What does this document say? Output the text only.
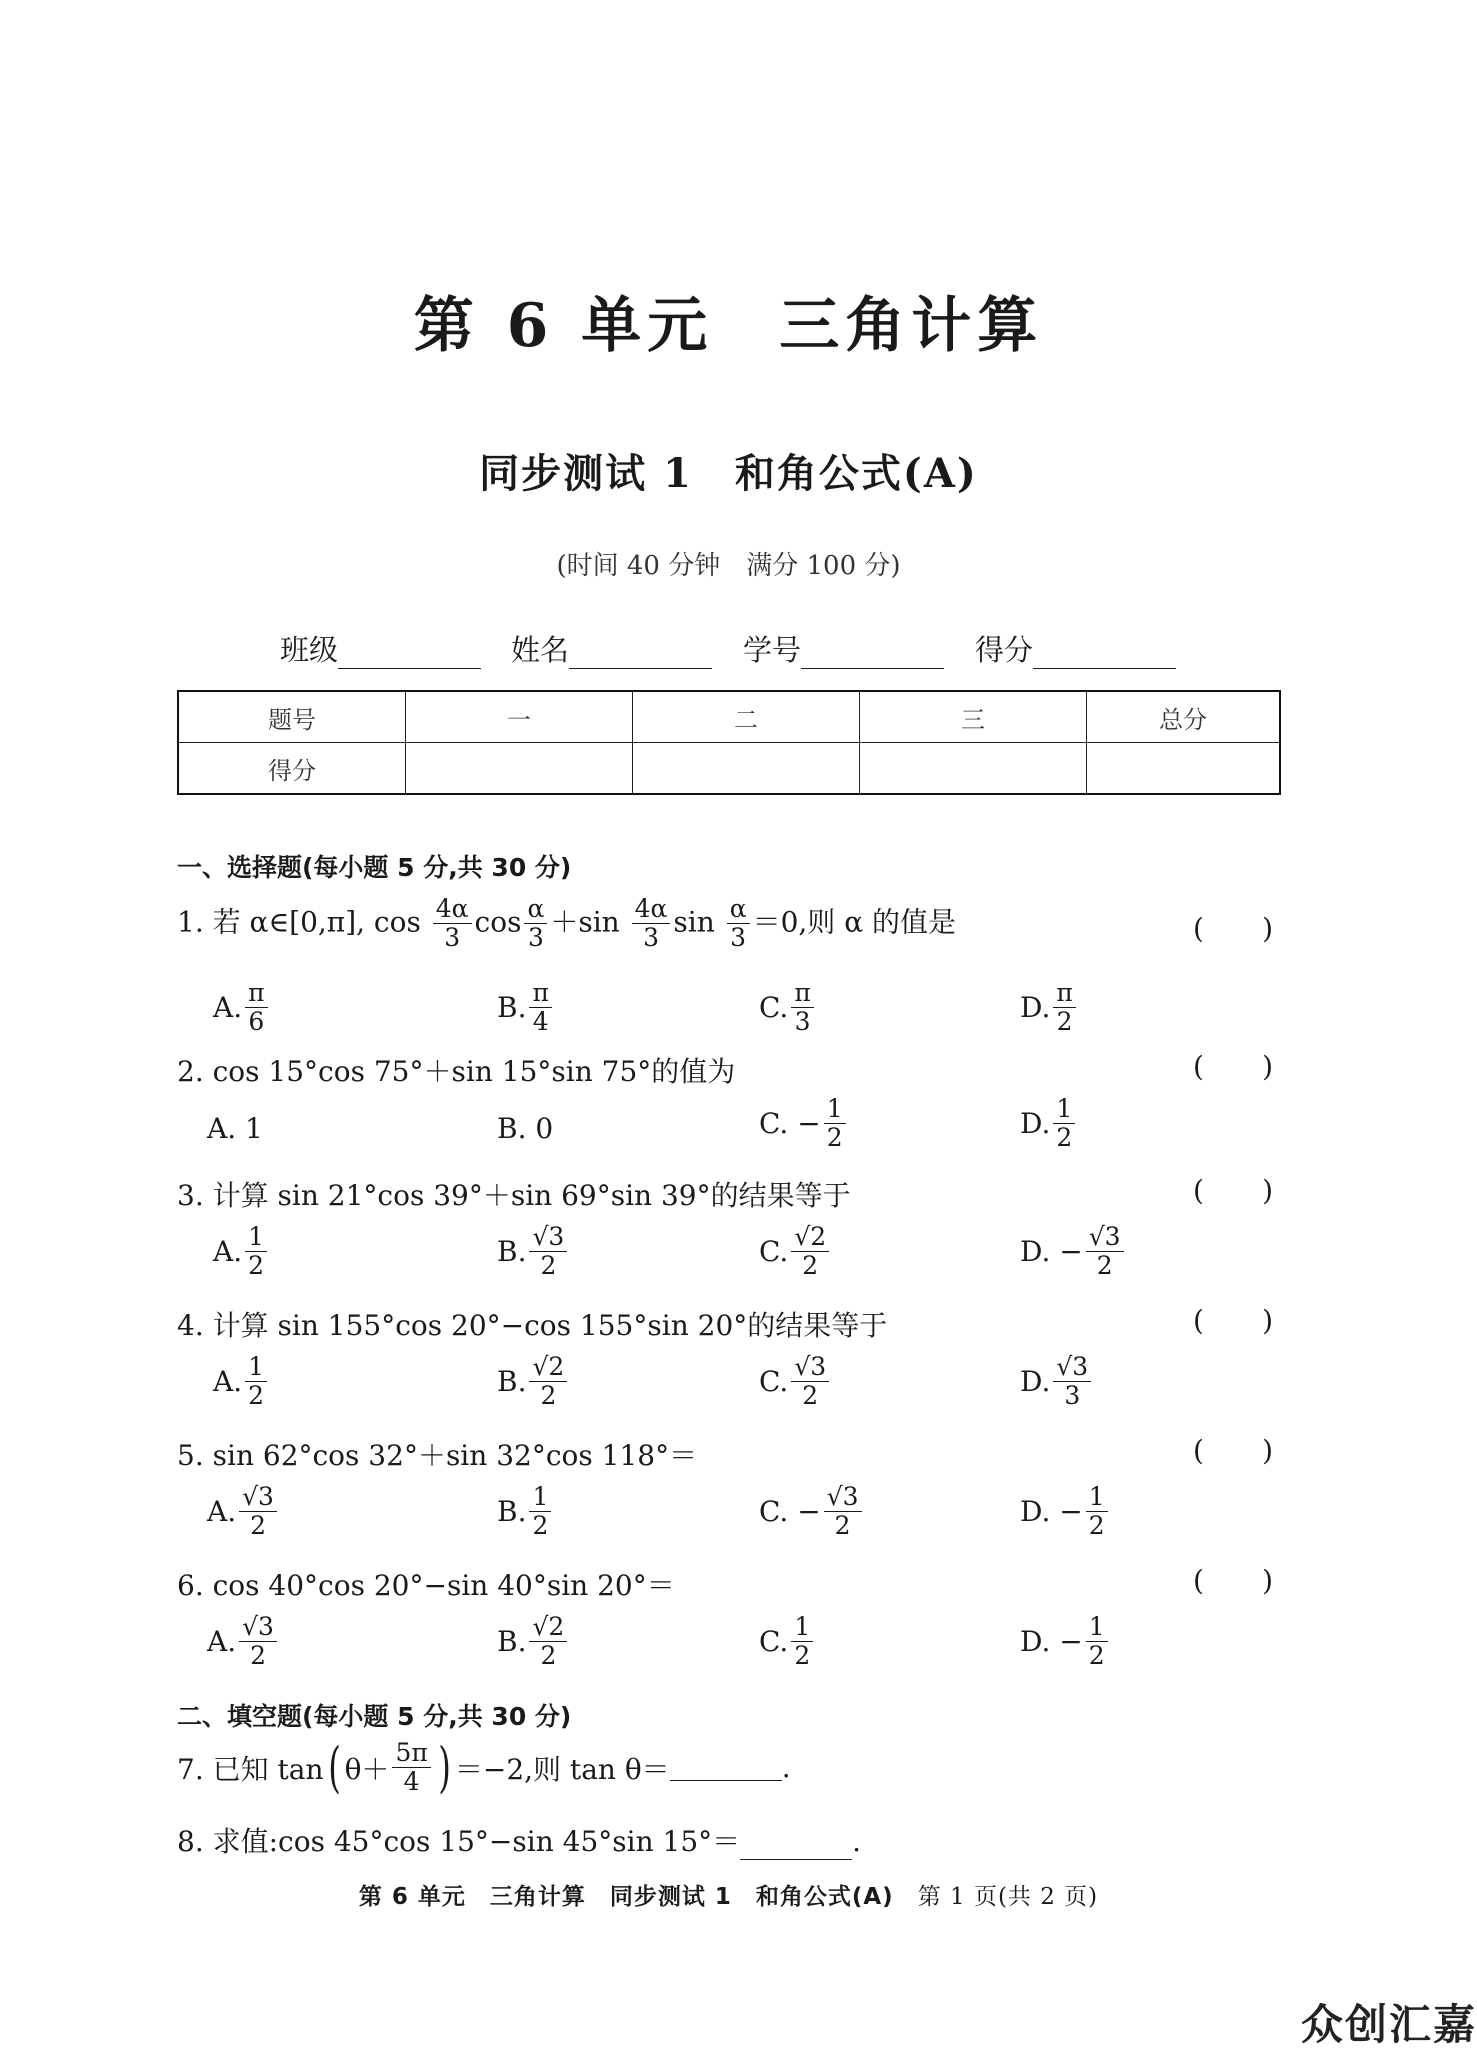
第 6 单元　三角计算
同步测试 1　和角公式(A)
(时间 40 分钟　满分 100 分)
班级	姓名	学号	得分
题号	一	二	三	总分
得分				
一、选择题(每小题 5 分,共 30 分)
1. 若 α∈[0,π], $\cos \frac{4\alpha}{3}$ $\cos \frac{\alpha}{3} +\sin \frac{4\alpha}{3}$ $\sin \frac{\alpha}{3} =0$,则 α 的值是	( )
A. $\frac{\pi}{6}$	B. $\frac{\pi}{4}$	C. $\frac{\pi}{3}$	D. $\frac{\pi}{2}$
2. cos 15°cos 75°＋sin 15°sin 75°的值为	( )
A. 1	B. 0	C. − $\frac{1}{2}$	D. $\frac{1}{2}$
3. 计算 sin 21°cos 39°＋sin 69°sin 39°的结果等于	( )
A. $\frac{1}{2}$	B. $\frac{√3}{2}$	C. $\frac{√2}{2}$	D. − $\frac{√3}{2}$
4. 计算 sin 155°cos 20°−cos 155°sin 20°的结果等于	( )
A. $\frac{1}{2}$	B. $\frac{√2}{2}$	C. $\frac{√3}{2}$	D. $\frac{√3}{3}$
5. sin 62°cos 32°＋sin 32°cos 118°＝	( )
A. $\frac{√3}{2}$	B. $\frac{1}{2}$	C. − $\frac{√3}{2}$	D. − $\frac{1}{2}$
6. cos 40°cos 20°−sin 40°sin 20°＝	( )
A. $\frac{√3}{2}$	B. $\frac{√2}{2}$	C. $\frac{1}{2}$	D. − $\frac{1}{2}$
二、填空题(每小题 5 分,共 30 分)
7. 已知 tan ( $\theta+ \frac{5\pi}{4}$ ) ＝−2,则 tan θ＝	.
8. 求值:cos 45°cos 15°−sin 45°sin 15°＝	.
第 6 单元　三角计算　同步测试 1　和角公式(A)　 第 1 页(共 2 页)
众创汇嘉
